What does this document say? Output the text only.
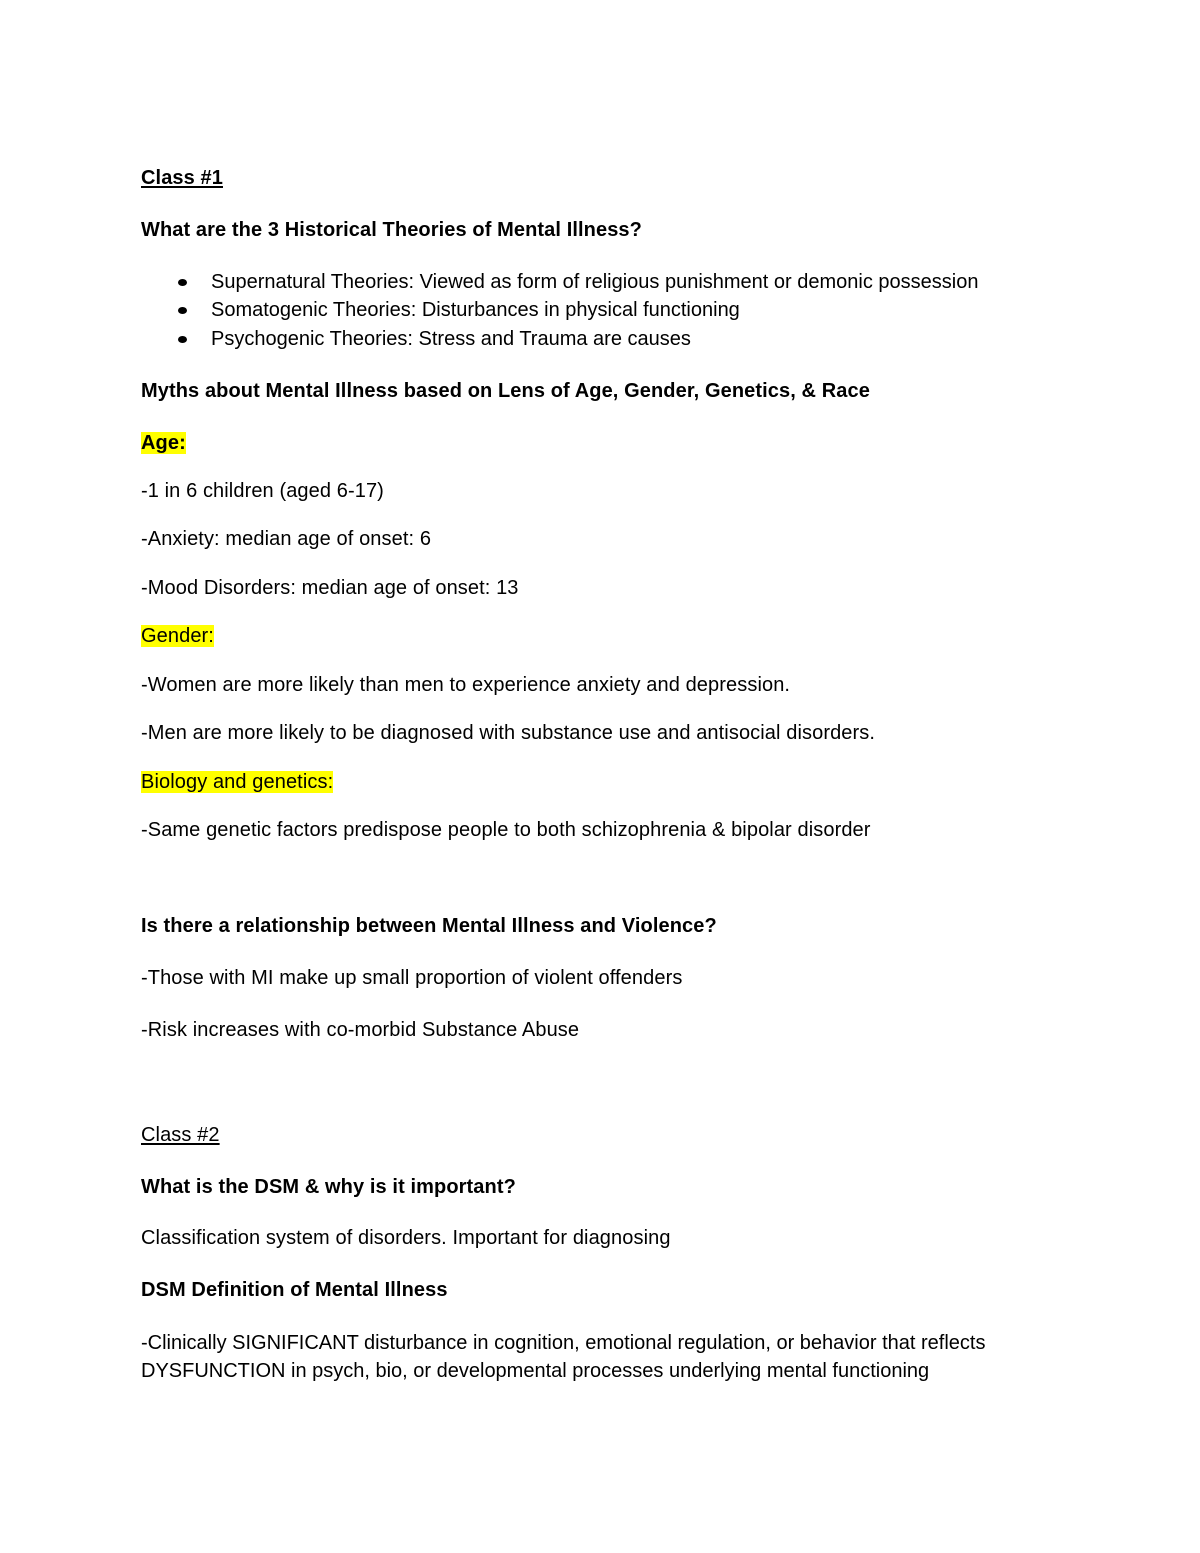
Class #1
What are the 3 Historical Theories of Mental Illness?
Supernatural Theories: Viewed as form of religious punishment or demonic possession
Somatogenic Theories: Disturbances in physical functioning
Psychogenic Theories: Stress and Trauma are causes
Myths about Mental Illness based on Lens of Age, Gender, Genetics, & Race
Age:
-1 in 6 children (aged 6-17)
-Anxiety: median age of onset: 6
-Mood Disorders: median age of onset: 13
Gender:
-Women are more likely than men to experience anxiety and depression.
-Men are more likely to be diagnosed with substance use and antisocial disorders.
Biology and genetics:
-Same genetic factors predispose people to both schizophrenia & bipolar disorder
Is there a relationship between Mental Illness and Violence?
-Those with MI make up small proportion of violent offenders
-Risk increases with co-morbid Substance Abuse
Class #2
What is the DSM & why is it important?
Classification system of disorders. Important for diagnosing
DSM Definition of Mental Illness
-Clinically SIGNIFICANT disturbance in cognition, emotional regulation, or behavior that reflects DYSFUNCTION in psych, bio, or developmental processes underlying mental functioning
